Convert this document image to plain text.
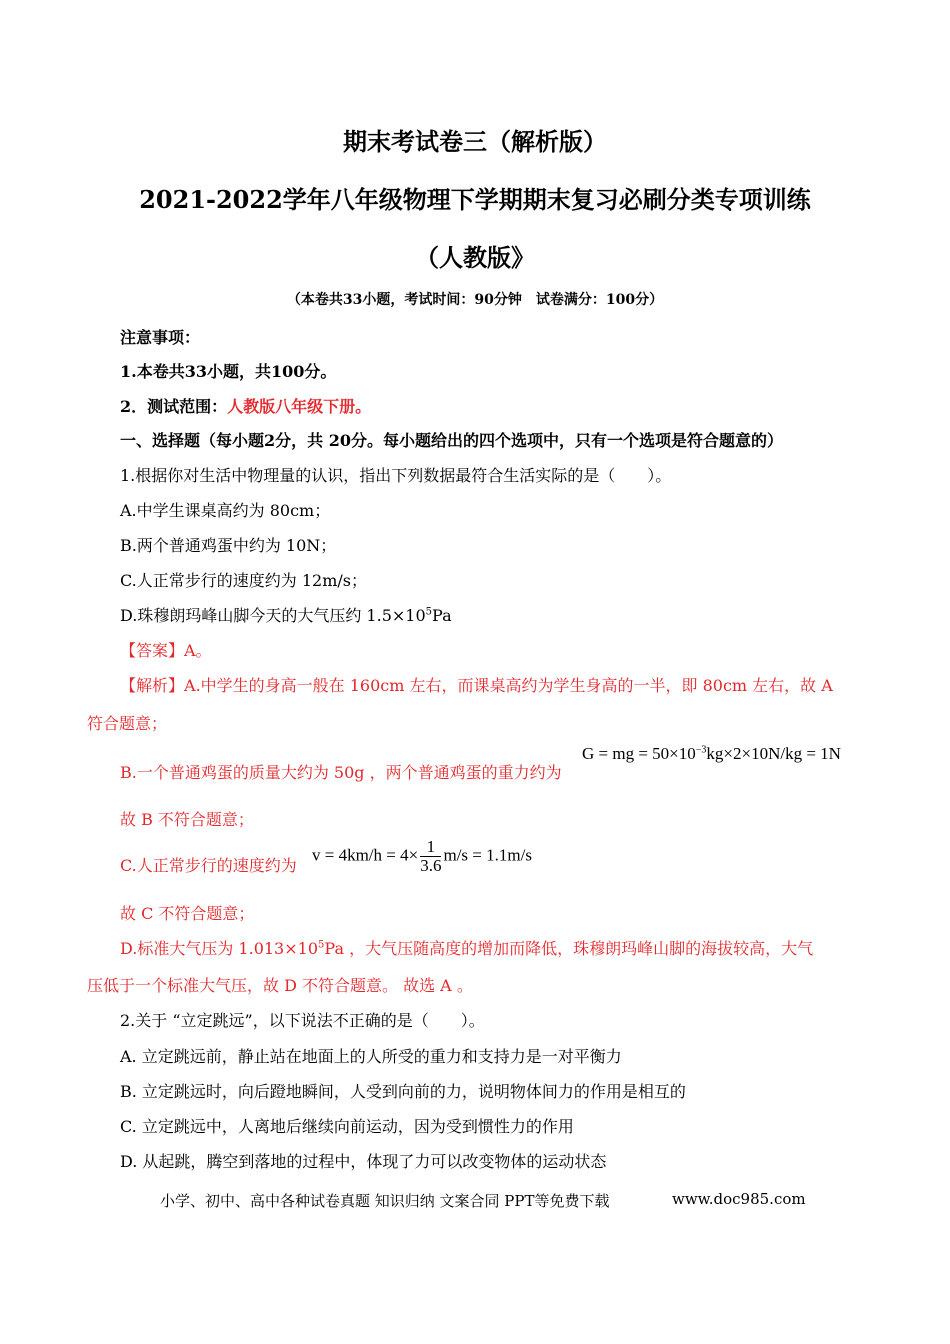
期末考试卷三（解析版）
2021-2022学年八年级物理下学期期末复习必刷分类专项训练
（人教版》
（本卷共33小题，考试时间：90分钟　试卷满分：100分）
注意事项：
1.本卷共33小题，共100分。
2．测试范围：人教版八年级下册。
一、选择题（每小题2分，共 20分。每小题给出的四个选项中，只有一个选项是符合题意的）
1.根据你对生活中物理量的认识，指出下列数据最符合生活实际的是（　　）。
A.中学生课桌高约为 80cm；
B.两个普通鸡蛋中约为 10N；
C.人正常步行的速度约为 12m/s；
D.珠穆朗玛峰山脚今天的大气压约 $1.5\times 10^5Pa$
【答案】A。
【解析】A.中学生的身高一般在 160cm 左右，而课桌高约为学生身高的一半，即 80cm 左右，故 A
符合题意；
B.一个普通鸡蛋的质量大约为 50g ，两个普通鸡蛋的重力约为
G = mg = $50\times 10^{-3}kg\times 2\times 10N/kg = 1N$
故 B 不符合题意；
C.人正常步行的速度约为
$v = 4km/h = 4\times \frac{1}{3.6} m/s = 1.1m/s$
故 C 不符合题意；
D.标准大气压为 $1.013\times 10^5Pa$ ，大气压随高度的增加而降低，珠穆朗玛峰山脚的海拔较高，大气
压低于一个标准大气压，故 D 不符合题意。 故选 A 。
2.关于 “立定跳远”，以下说法不正确的是（　　）。
A. 立定跳远前，静止站在地面上的人所受的重力和支持力是一对平衡力
B. 立定跳远时，向后蹬地瞬间，人受到向前的力，说明物体间力的作用是相互的
C. 立定跳远中，人离地后继续向前运动，因为受到惯性力的作用
D. 从起跳，腾空到落地的过程中，体现了力可以改变物体的运动状态
小学、初中、高中各种试卷真题 知识归纳 文案合同 PPT等免费下载	www.doc985.com
